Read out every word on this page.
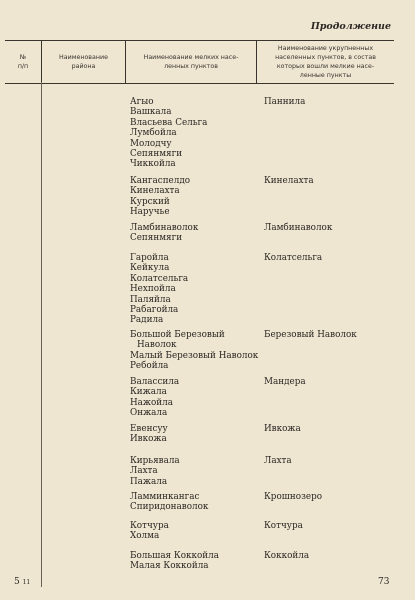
Продолжение
№
п/п
Наименование
района
Наименование мелких насе-
ленных пунктов
Наименование укрупненных
населенных пунктов, в состав
которых вошли мелкие насе-
ленные пункты
Агыо
Вашкала
Власьева Сельга
Лумбойла
Молодчу
Сепянмяги
Чиккойла
Паннила
Кангаспелдо
Кинелахта
Курский
Наручье
Кинелахта
Ламбинаволок
Сепянмяги
Ламбинаволок
Гаройла
Кейкула
Колатсельга
Нехпойла
Паляйла
Рабагойла
Радила
Колатсельга
Большой Березовый
Наволок
Малый Березовый Наволок
Ребойла
Березовый Наволок
Валассила
Кижала
Нажойла
Онжала
Мандера
Евенсуу
Ивкожа
Ивкожа
Кирьявала
Лахта
Пажала
Лахта
Ламминкангас
Спиридонаволок
Крошнозеро
Котчура
Холма
Котчура
Большая Коккойла
Малая Коккойла
Коккойла
5 11	73
